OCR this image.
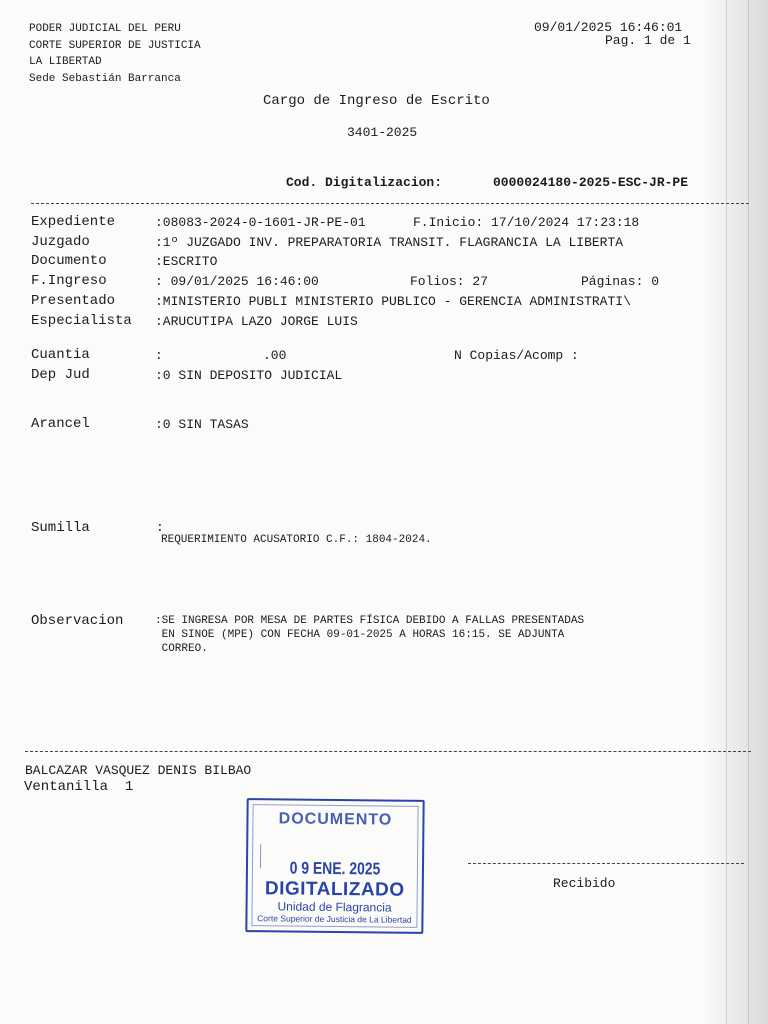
PODER JUDICIAL DEL PERU
CORTE SUPERIOR DE JUSTICIA
LA LIBERTAD
Sede Sebastián Barranca
09/01/2025 16:46:01
Pag. 1 de 1
Cargo de Ingreso de Escrito
3401-2025
Cod. Digitalizacion:	0000024180-2025-ESC-JR-PE
Expediente	:08083-2024-0-1601-JR-PE-01	F.Inicio: 17/10/2024 17:23:18
Juzgado	:1º JUZGADO INV. PREPARATORIA TRANSIT. FLAGRANCIA LA LIBERTA
Documento	:ESCRITO
F.Ingreso	: 09/01/2025 16:46:00	Folios: 27	Páginas: 0
Presentado	:MINISTERIO PUBLI MINISTERIO PUBLICO - GERENCIA ADMINISTRATI\
Especialista :ARUCUTIPA LAZO JORGE LUIS
Cuantia	:	.00	N Copias/Acomp :
Dep Jud	:0 SIN DEPOSITO JUDICIAL
Arancel	:0 SIN TASAS
Sumilla	:
REQUERIMIENTO ACUSATORIO C.F.: 1804-2024.
Observacion	:SE INGRESA POR MESA DE PARTES FÍSICA DEBIDO A FALLAS PRESENTADAS
EN SINOE (MPE) CON FECHA 09-01-2025 A HORAS 16:15. SE ADJUNTA
CORREO.
BALCAZAR VASQUEZ DENIS BILBAO
Ventanilla  1
Recibido
DOCUMENTO
0 9 ENE. 2025
DIGITALIZADO
Unidad de Flagrancia
Corte Superior de Justicia de La Libertad
